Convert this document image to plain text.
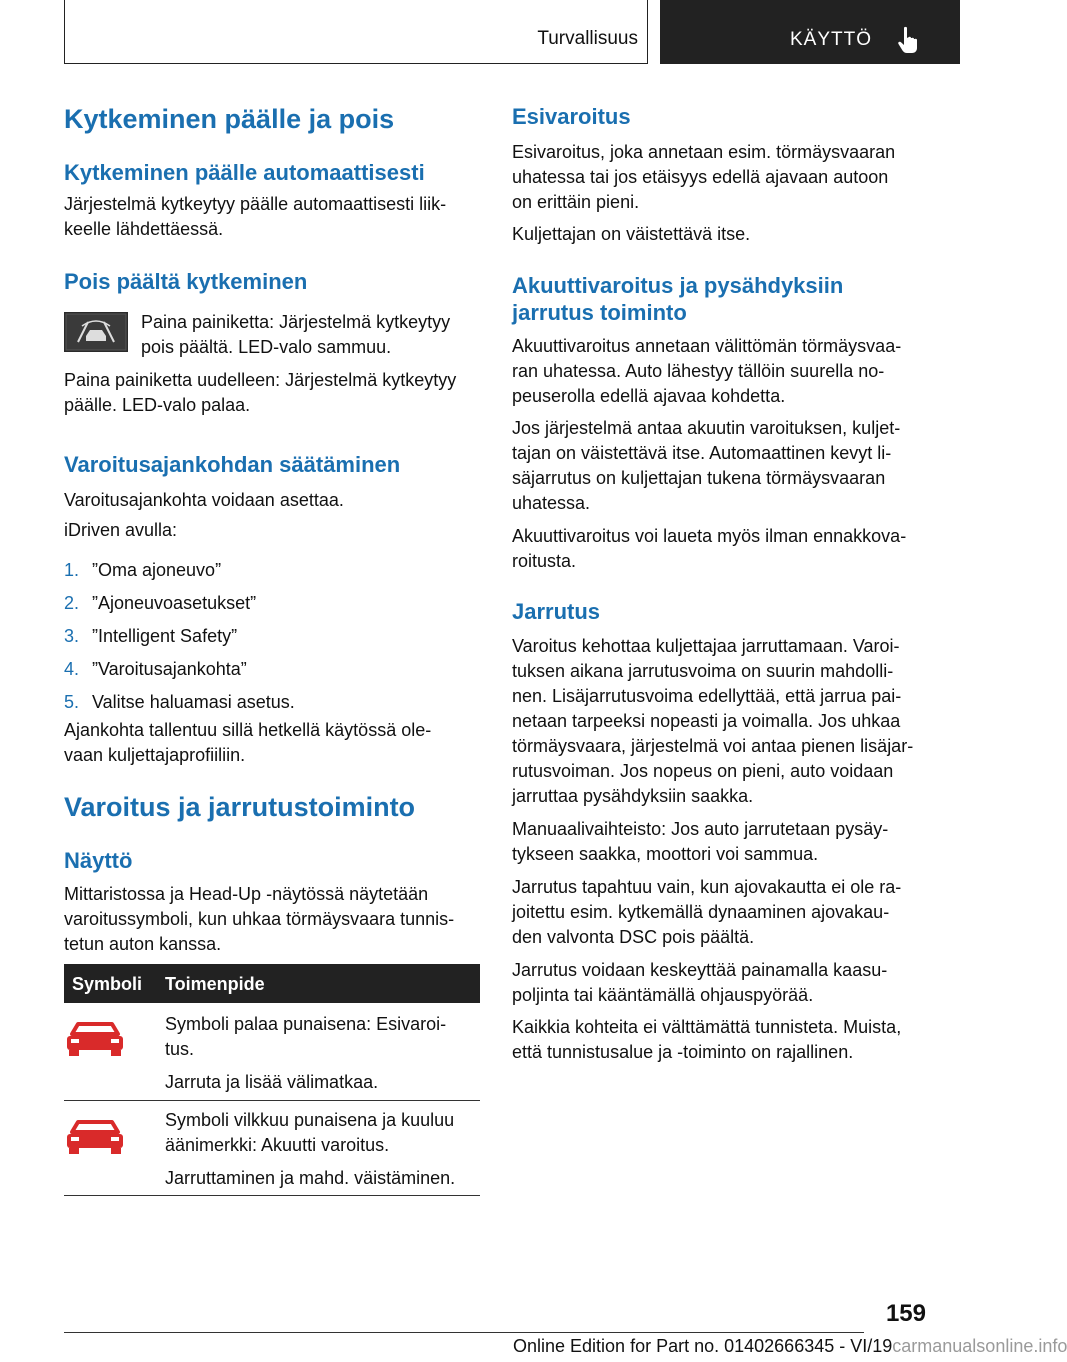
Turvallisuus	KÄYTTÖ
Kytkeminen päälle ja pois
Kytkeminen päälle automaattisesti
Järjestelmä kytkeytyy päälle automaattisesti liik-
keelle lähdettäessä.
Pois päältä kytkeminen
Paina painiketta: Järjestelmä kytkeytyy
pois päältä. LED-valo sammuu.
Paina painiketta uudelleen: Järjestelmä kytkeytyy
päälle. LED-valo palaa.
Varoitusajankohdan säätäminen
Varoitusajankohta voidaan asettaa.
iDriven avulla:
1. ”Oma ajoneuvo”
2. ”Ajoneuvoasetukset”
3. ”Intelligent Safety”
4. ”Varoitusajankohta”
5. Valitse haluamasi asetus.
Ajankohta tallentuu sillä hetkellä käytössä ole-
vaan kuljettajaprofiiliin.
Varoitus ja jarrutustoiminto
Näyttö
Mittaristossa ja Head-Up -näytössä näytetään
varoitussymboli, kun uhkaa törmäysvaara tunnis-
tetun auton kanssa.
Symboli Toimenpide
Symboli palaa punaisena: Esivaroi-
tus.
Jarruta ja lisää välimatkaa.
Symboli vilkkuu punaisena ja kuuluu
äänimerkki: Akuutti varoitus.
Jarruttaminen ja mahd. väistäminen.
Esivaroitus
Esivaroitus, joka annetaan esim. törmäysvaaran
uhatessa tai jos etäisyys edellä ajavaan autoon
on erittäin pieni.
Kuljettajan on väistettävä itse.
Akuuttivaroitus ja pysähdyksiin
jarrutus toiminto
Akuuttivaroitus annetaan välittömän törmäysvaa-
ran uhatessa. Auto lähestyy tällöin suurella no-
peuserolla edellä ajavaa kohdetta.
Jos järjestelmä antaa akuutin varoituksen, kuljet-
tajan on väistettävä itse. Automaattinen kevyt li-
säjarrutus on kuljettajan tukena törmäysvaaran
uhatessa.
Akuuttivaroitus voi laueta myös ilman ennakkova-
roitusta.
Jarrutus
Varoitus kehottaa kuljettajaa jarruttamaan. Varoi-
tuksen aikana jarrutusvoima on suurin mahdolli-
nen. Lisäjarrutusvoima edellyttää, että jarrua pai-
netaan tarpeeksi nopeasti ja voimalla. Jos uhkaa
törmäysvaara, järjestelmä voi antaa pienen lisäjar-
rutusvoiman. Jos nopeus on pieni, auto voidaan
jarruttaa pysähdyksiin saakka.
Manuaalivaihteisto: Jos auto jarrutetaan pysäy-
tykseen saakka, moottori voi sammua.
Jarrutus tapahtuu vain, kun ajovakautta ei ole ra-
joitettu esim. kytkemällä dynaaminen ajovakau-
den valvonta DSC pois päältä.
Jarrutus voidaan keskeyttää painamalla kaasu-
poljinta tai kääntämällä ohjauspyörää.
Kaikkia kohteita ei välttämättä tunnisteta. Muista,
että tunnistusalue ja -toiminto on rajallinen.
159
Online Edition for Part no. 01402666345 - VI/19carmanualsonline.info
